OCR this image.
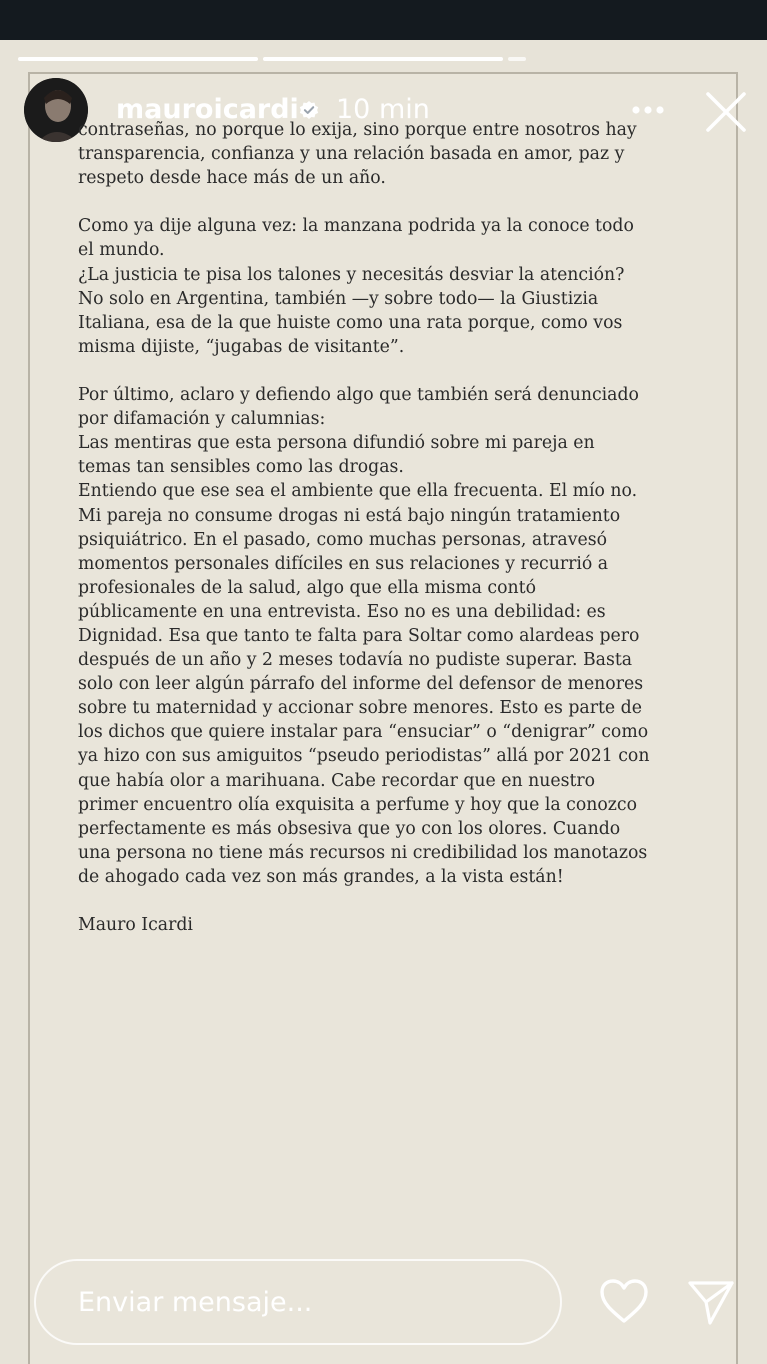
mauroicardi 10 min

contraseñas, no porque lo exija, sino porque entre nosotros hay

transparencia, confianza y una relación basada en amor, paz y

respeto desde hace más de un año.

Como ya dije alguna vez: la manzana podrida ya la conoce todo

el mundo.

¿La justicia te pisa los talones y necesitás desviar la atención?

No solo en Argentina, también —y sobre todo— la Giustizia

Italiana, esa de la que huiste como una rata porque, como vos

misma dijiste, “jugabas de visitante”.

Por último, aclaro y defiendo algo que también será denunciado

por difamación y calumnias:

Las mentiras que esta persona difundió sobre mi pareja en

temas tan sensibles como las drogas.

Entiendo que ese sea el ambiente que ella frecuenta. El mío no.

Mi pareja no consume drogas ni está bajo ningún tratamiento

psiquiátrico. En el pasado, como muchas personas, atravesó

momentos personales difíciles en sus relaciones y recurrió a

profesionales de la salud, algo que ella misma contó

públicamente en una entrevista. Eso no es una debilidad: es

Dignidad. Esa que tanto te falta para Soltar como alardeas pero

después de un año y 2 meses todavía no pudiste superar. Basta

solo con leer algún párrafo del informe del defensor de menores

sobre tu maternidad y accionar sobre menores. Esto es parte de

los dichos que quiere instalar para “ensuciar” o “denigrar” como

ya hizo con sus amiguitos “pseudo periodistas” allá por 2021 con

que había olor a marihuana. Cabe recordar que en nuestro

primer encuentro olía exquisita a perfume y hoy que la conozco

perfectamente es más obsesiva que yo con los olores. Cuando

una persona no tiene más recursos ni credibilidad los manotazos

de ahogado cada vez son más grandes, a la vista están!

Mauro Icardi

Enviar mensaje...
